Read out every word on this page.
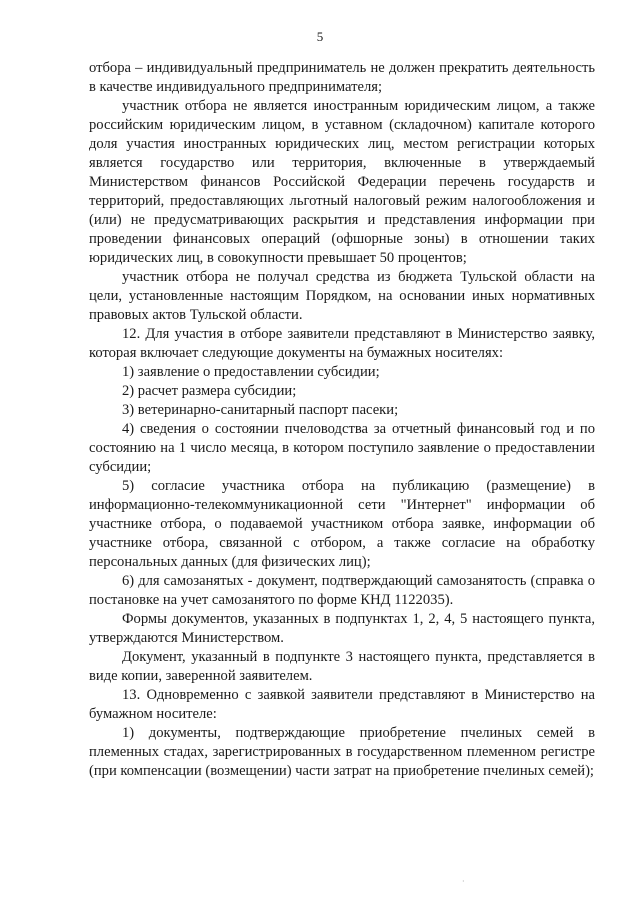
5

отбора – индивидуальный предприниматель не должен прекратить деятельность в качестве индивидуального предпринимателя;

участник отбора не является иностранным юридическим лицом, а также российским юридическим лицом, в уставном (складочном) капитале которого доля участия иностранных юридических лиц, местом регистрации которых является государство или территория, включенные в утверждаемый Министерством финансов Российской Федерации перечень государств и территорий, предоставляющих льготный налоговый режим налогообложения и (или) не предусматривающих раскрытия и представления информации при проведении финансовых операций (офшорные зоны) в отношении таких юридических лиц, в совокупности превышает 50 процентов;

участник отбора не получал средства из бюджета Тульской области на цели, установленные настоящим Порядком, на основании иных нормативных правовых актов Тульской области.

12. Для участия в отборе заявители представляют в Министерство заявку, которая включает следующие документы на бумажных носителях:

1) заявление о предоставлении субсидии;

2) расчет размера субсидии;

3) ветеринарно-санитарный паспорт пасеки;

4) сведения о состоянии пчеловодства за отчетный финансовый год и по состоянию на 1 число месяца, в котором поступило заявление о предоставлении субсидии;

5) согласие участника отбора на публикацию (размещение) в информационно-телекоммуникационной сети "Интернет" информации об участнике отбора, о подаваемой участником отбора заявке, информации об участнике отбора, связанной с отбором, а также согласие на обработку персональных данных (для физических лиц);

6) для самозанятых - документ, подтверждающий самозанятость (справка о постановке на учет самозанятого по форме КНД 1122035).

Формы документов, указанных в подпунктах 1, 2, 4, 5 настоящего пункта, утверждаются Министерством.

Документ, указанный в подпункте 3 настоящего пункта, представляется в виде копии, заверенной заявителем.

13. Одновременно с заявкой заявители представляют в Министерство на бумажном носителе:

1) документы, подтверждающие приобретение пчелиных семей в племенных стадах, зарегистрированных в государственном племенном регистре (при компенсации (возмещении) части затрат на приобретение пчелиных семей);

·
